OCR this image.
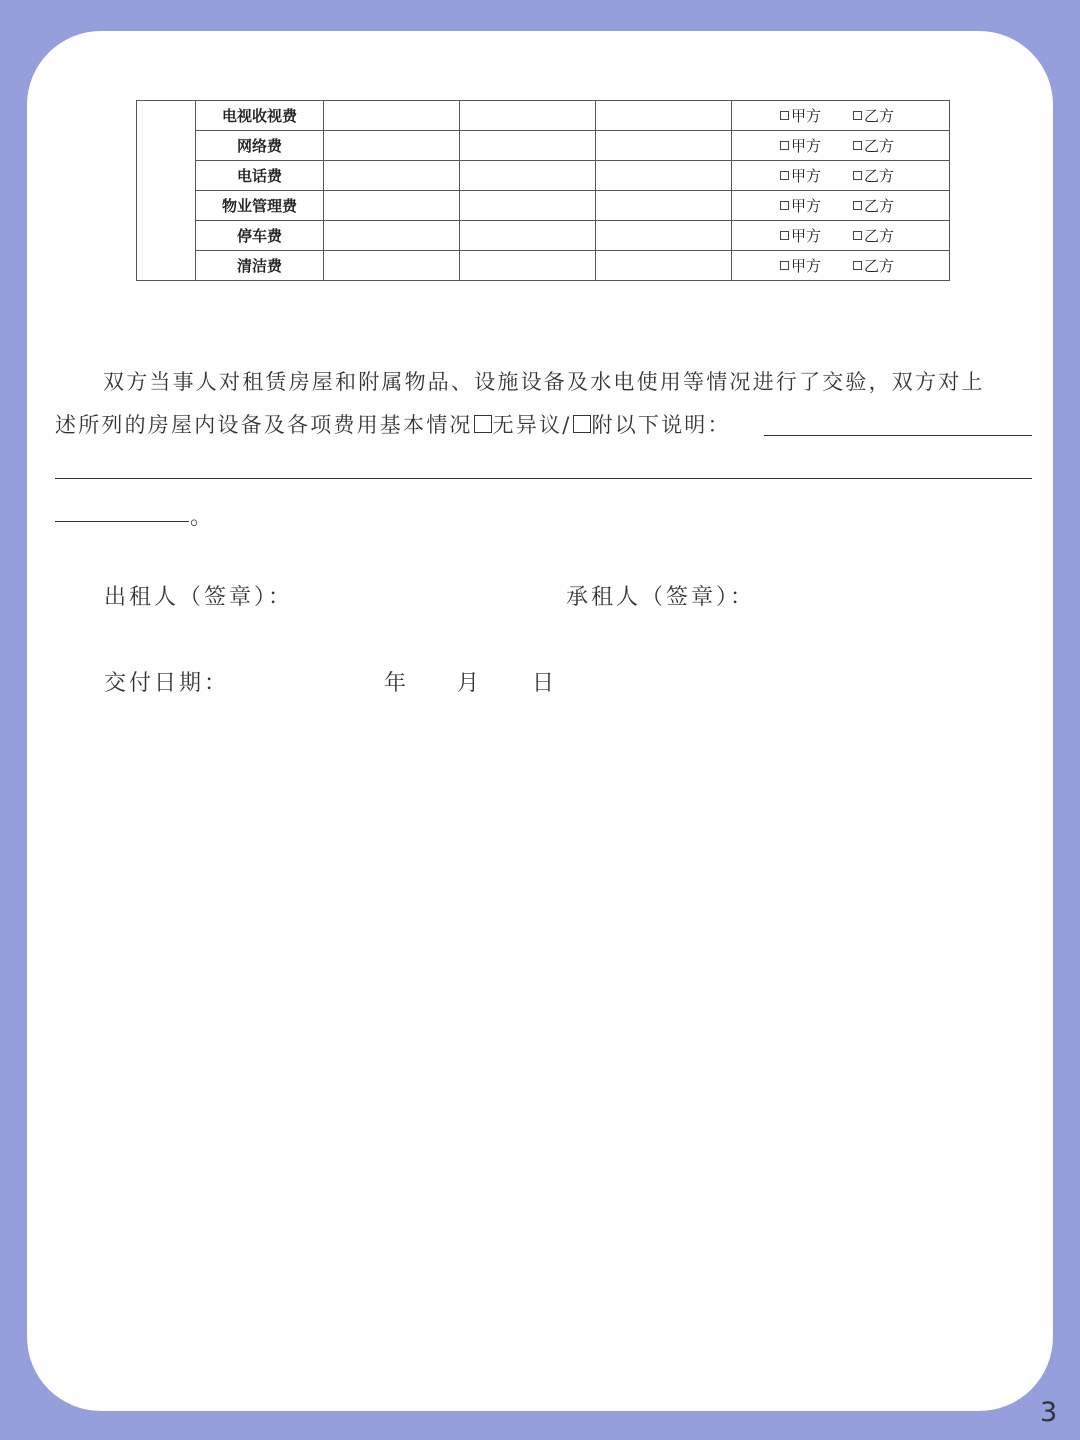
	电视收视费				甲方 乙方
	网络费				甲方 乙方
	电话费				甲方 乙方
	物业管理费				甲方 乙方
	停车费				甲方 乙方
	清洁费				甲方 乙方
双方当事人对租赁房屋和附属物品、设施设备及水电使用等情况进行了交验，双方对上
述所列的房屋内设备及各项费用基本情况 无异议/ 附以下说明：
。
出租人（签章）：	承租人（签章）：
交付日期：	年 月 日
3
